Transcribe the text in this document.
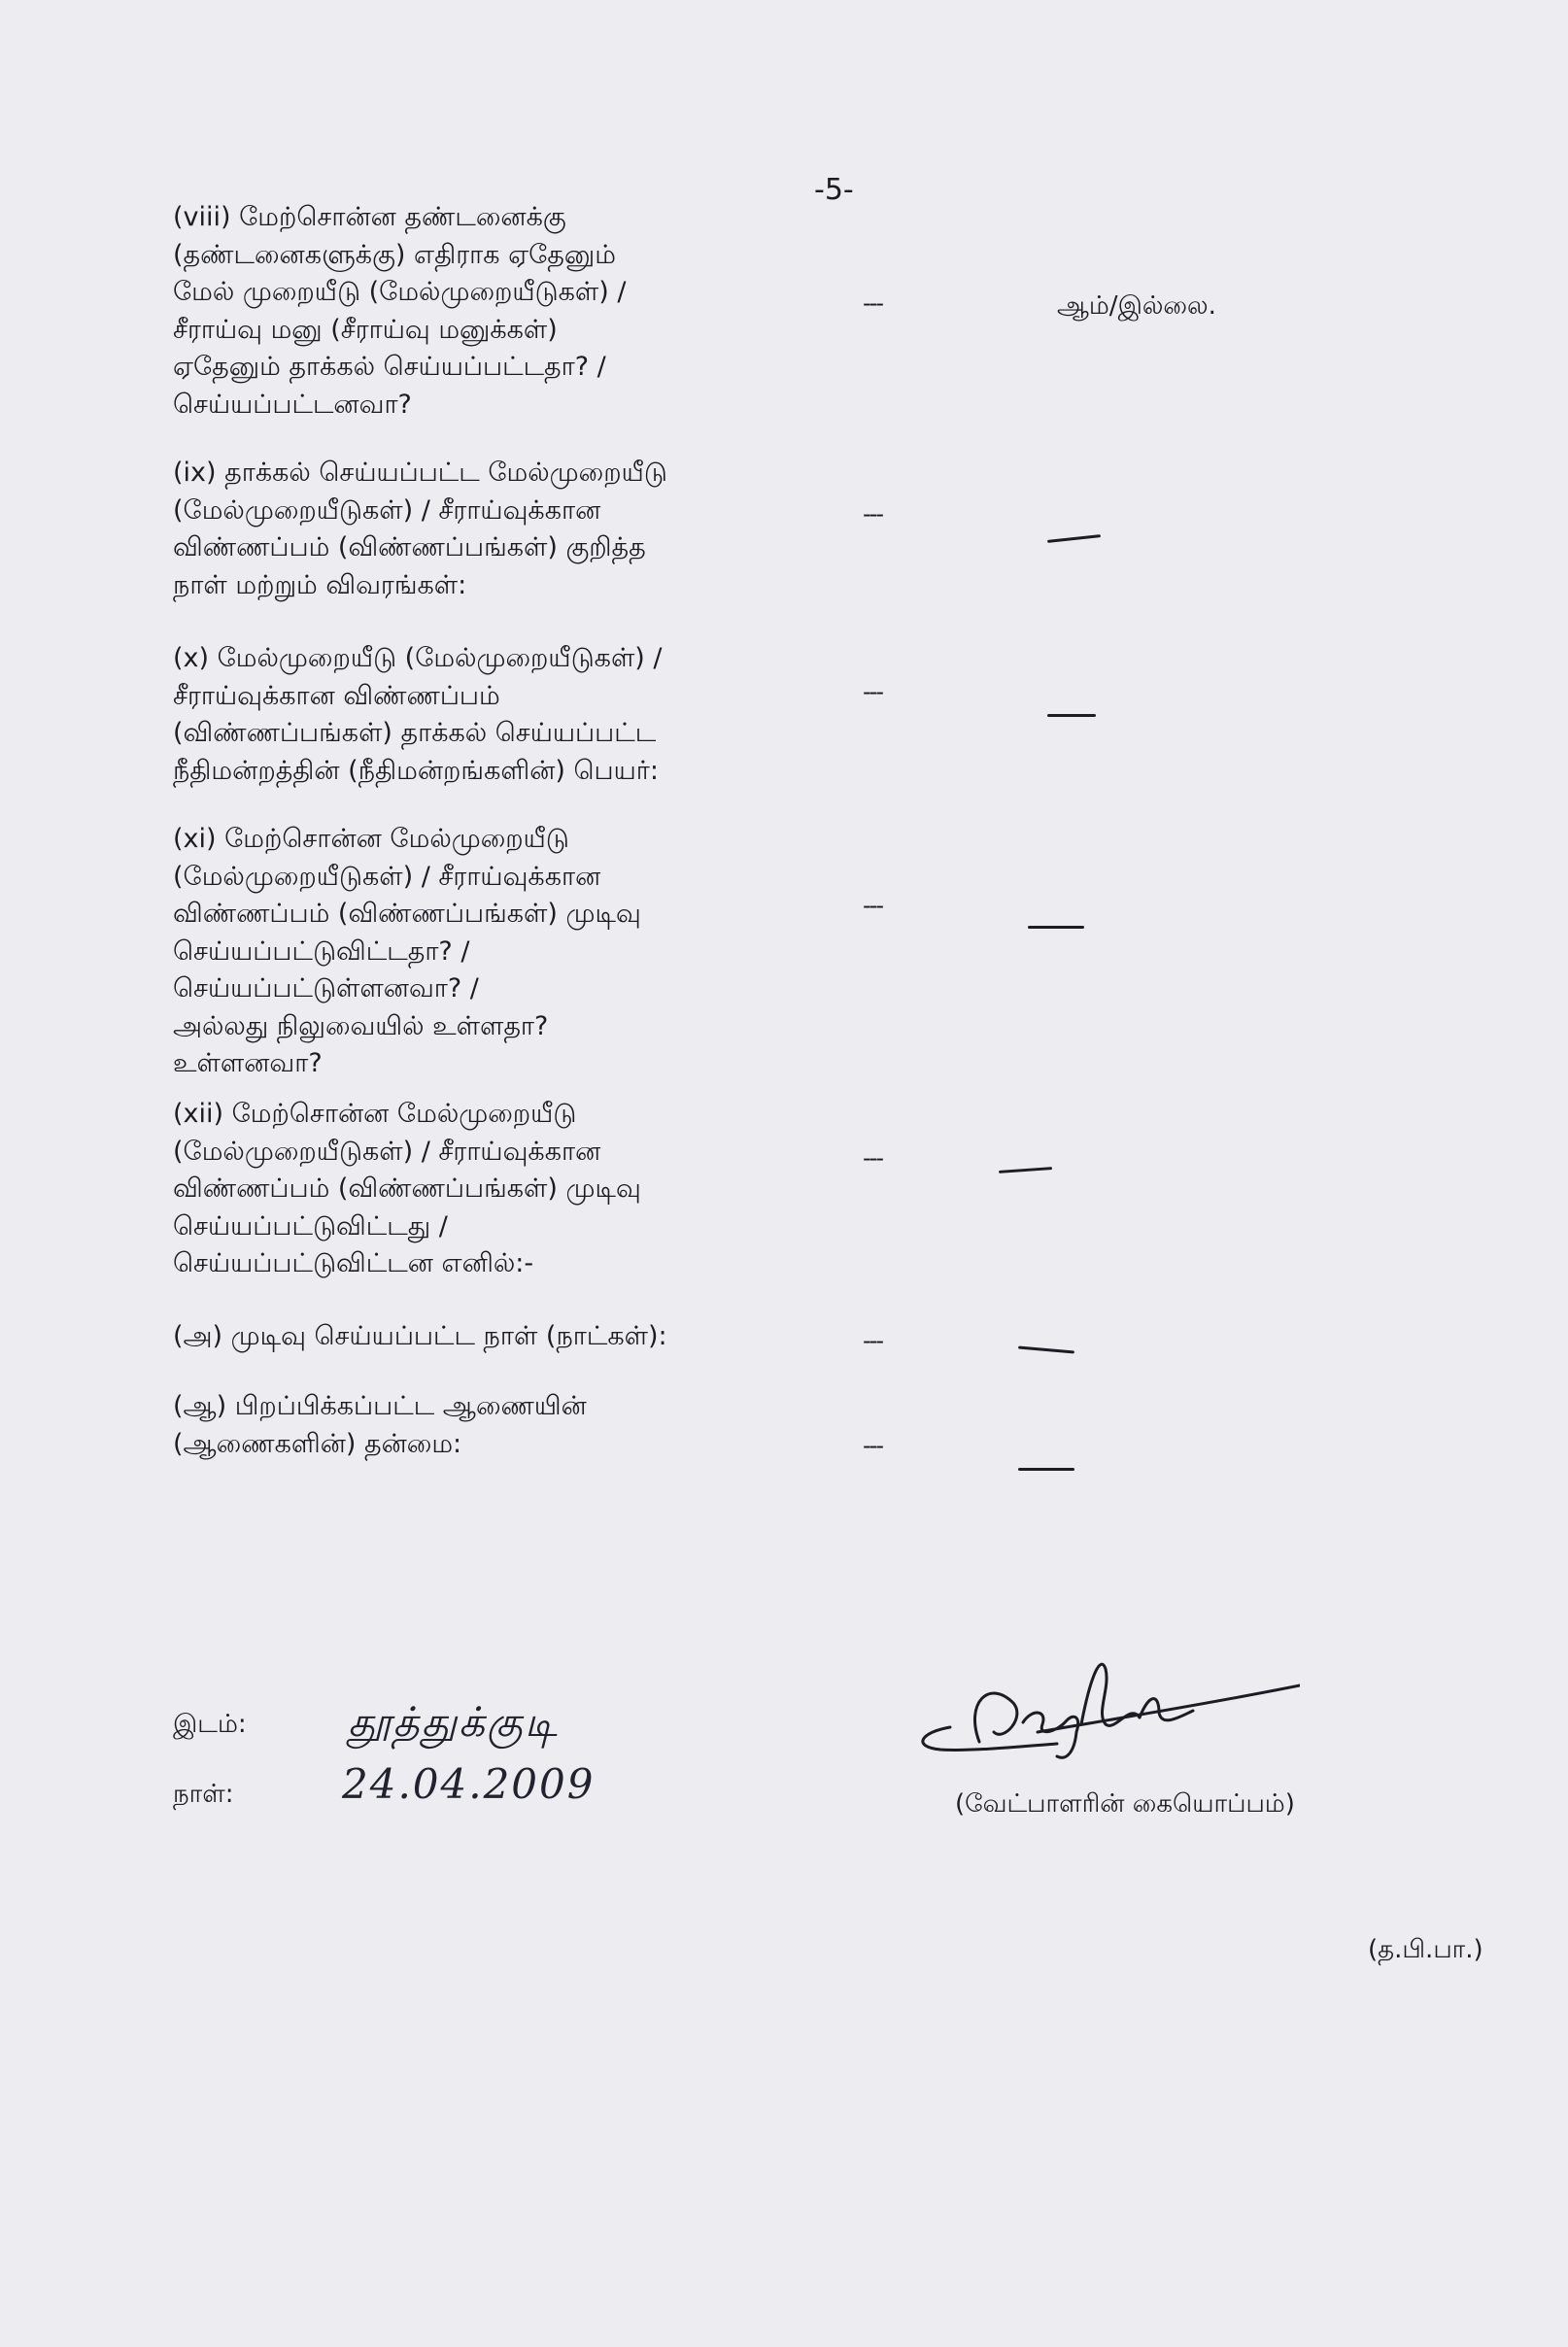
-5-
(viii) மேற்சொன்ன தண்டனைக்கு
(தண்டனைகளுக்கு) எதிராக ஏதேனும்
மேல் முறையீடு (மேல்முறையீடுகள்) /
சீராய்வு மனு (சீராய்வு மனுக்கள்)
ஏதேனும் தாக்கல் செய்யப்பட்டதா? /
செய்யப்பட்டனவா?
---	ஆம்/இல்லை.
(ix) தாக்கல் செய்யப்பட்ட மேல்முறையீடு
(மேல்முறையீடுகள்) / சீராய்வுக்கான
விண்ணப்பம் (விண்ணப்பங்கள்) குறித்த
நாள் மற்றும் விவரங்கள்:
---
(x) மேல்முறையீடு (மேல்முறையீடுகள்) /
சீராய்வுக்கான விண்ணப்பம்
(விண்ணப்பங்கள்) தாக்கல் செய்யப்பட்ட
நீதிமன்றத்தின் (நீதிமன்றங்களின்) பெயர்:
---
(xi) மேற்சொன்ன மேல்முறையீடு
(மேல்முறையீடுகள்) / சீராய்வுக்கான
விண்ணப்பம் (விண்ணப்பங்கள்) முடிவு
செய்யப்பட்டுவிட்டதா? /
செய்யப்பட்டுள்ளனவா? /
அல்லது நிலுவையில் உள்ளதா?
உள்ளனவா?
---
(xii) மேற்சொன்ன மேல்முறையீடு
(மேல்முறையீடுகள்) / சீராய்வுக்கான
விண்ணப்பம் (விண்ணப்பங்கள்) முடிவு
செய்யப்பட்டுவிட்டது /
செய்யப்பட்டுவிட்டன எனில்:-
---
(அ) முடிவு செய்யப்பட்ட நாள் (நாட்கள்):	---
(ஆ) பிறப்பிக்கப்பட்ட ஆணையின்
(ஆணைகளின்) தன்மை:	---
இடம்: தூத்துக்குடி
நாள்:	24.04.2009	(வேட்பாளரின் கையொப்பம்)
(த.பி.பா.)
